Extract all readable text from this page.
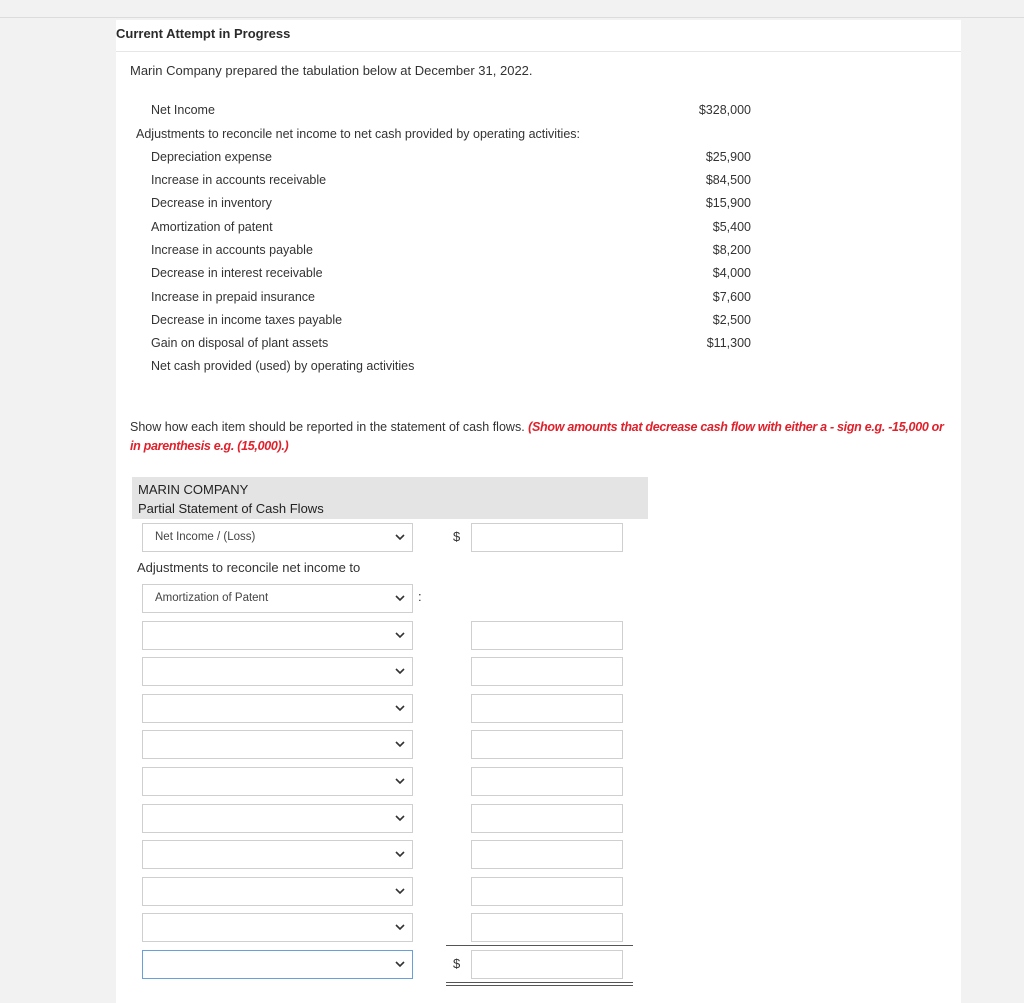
Current Attempt in Progress
Marin Company prepared the tabulation below at December 31, 2022.
Net Income	$328,000
Adjustments to reconcile net income to net cash provided by operating activities:
Depreciation expense	$25,900
Increase in accounts receivable	$84,500
Decrease in inventory	$15,900
Amortization of patent	$5,400
Increase in accounts payable	$8,200
Decrease in interest receivable	$4,000
Increase in prepaid insurance	$7,600
Decrease in income taxes payable	$2,500
Gain on disposal of plant assets	$11,300
Net cash provided (used) by operating activities
Show how each item should be reported in the statement of cash flows. (Show amounts that decrease cash flow with either a - sign e.g. -15,000 or in parenthesis e.g. (15,000).)
MARIN COMPANY
Partial Statement of Cash Flows
Net Income / (Loss)	$
Adjustments to reconcile net income to
Amortization of Patent	:
$
